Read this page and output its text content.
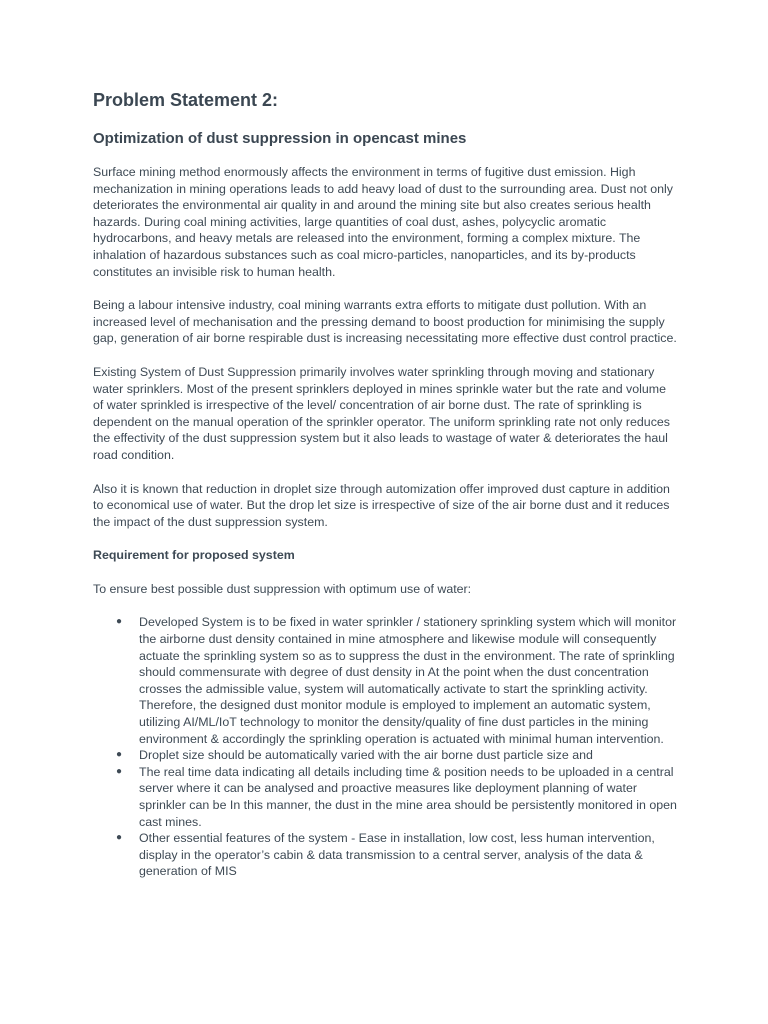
Problem Statement 2:
Optimization of dust suppression in opencast mines

Surface mining method enormously affects the environment in terms of fugitive dust emission. High mechanization in mining operations leads to add heavy load of dust to the surrounding area. Dust not only deteriorates the environmental air quality in and around the mining site but also creates serious health hazards. During coal mining activities, large quantities of coal dust, ashes, polycyclic aromatic hydrocarbons, and heavy metals are released into the environment, forming a complex mixture. The inhalation of hazardous substances such as coal micro-particles, nanoparticles, and its by-products constitutes an invisible risk to human health.

Being a labour intensive industry, coal mining warrants extra efforts to mitigate dust pollution. With an increased level of mechanisation and the pressing demand to boost production for minimising the supply gap, generation of air borne respirable dust is increasing necessitating more effective dust control practice.

Existing System of Dust Suppression primarily involves water sprinkling through moving and stationary water sprinklers. Most of the present sprinklers deployed in mines sprinkle water but the rate and volume of water sprinkled is irrespective of the level/ concentration of air borne dust. The rate of sprinkling is dependent on the manual operation of the sprinkler operator. The uniform sprinkling rate not only reduces the effectivity of the dust suppression system but it also leads to wastage of water & deteriorates the haul road condition.

Also it is known that reduction in droplet size through automization offer improved dust capture in addition to economical use of water. But the drop let size is irrespective of size of the air borne dust and it reduces the impact of the dust suppression system.

Requirement for proposed system

To ensure best possible dust suppression with optimum use of water:

● Developed System is to be fixed in water sprinkler / stationery sprinkling system which will monitor the airborne dust density contained in mine atmosphere and likewise module will consequently actuate the sprinkling system so as to suppress the dust in the environment. The rate of sprinkling should commensurate with degree of dust density in At the point when the dust concentration crosses the admissible value, system will automatically activate to start the sprinkling activity. Therefore, the designed dust monitor module is employed to implement an automatic system, utilizing AI/ML/IoT technology to monitor the density/quality of fine dust particles in the mining environment & accordingly the sprinkling operation is actuated with minimal human intervention.
● Droplet size should be automatically varied with the air borne dust particle size and
● The real time data indicating all details including time & position needs to be uploaded in a central server where it can be analysed and proactive measures like deployment planning of water sprinkler can be In this manner, the dust in the mine area should be persistently monitored in open cast mines.
● Other essential features of the system - Ease in installation, low cost, less human intervention, display in the operator’s cabin & data transmission to a central server, analysis of the data & generation of MIS
